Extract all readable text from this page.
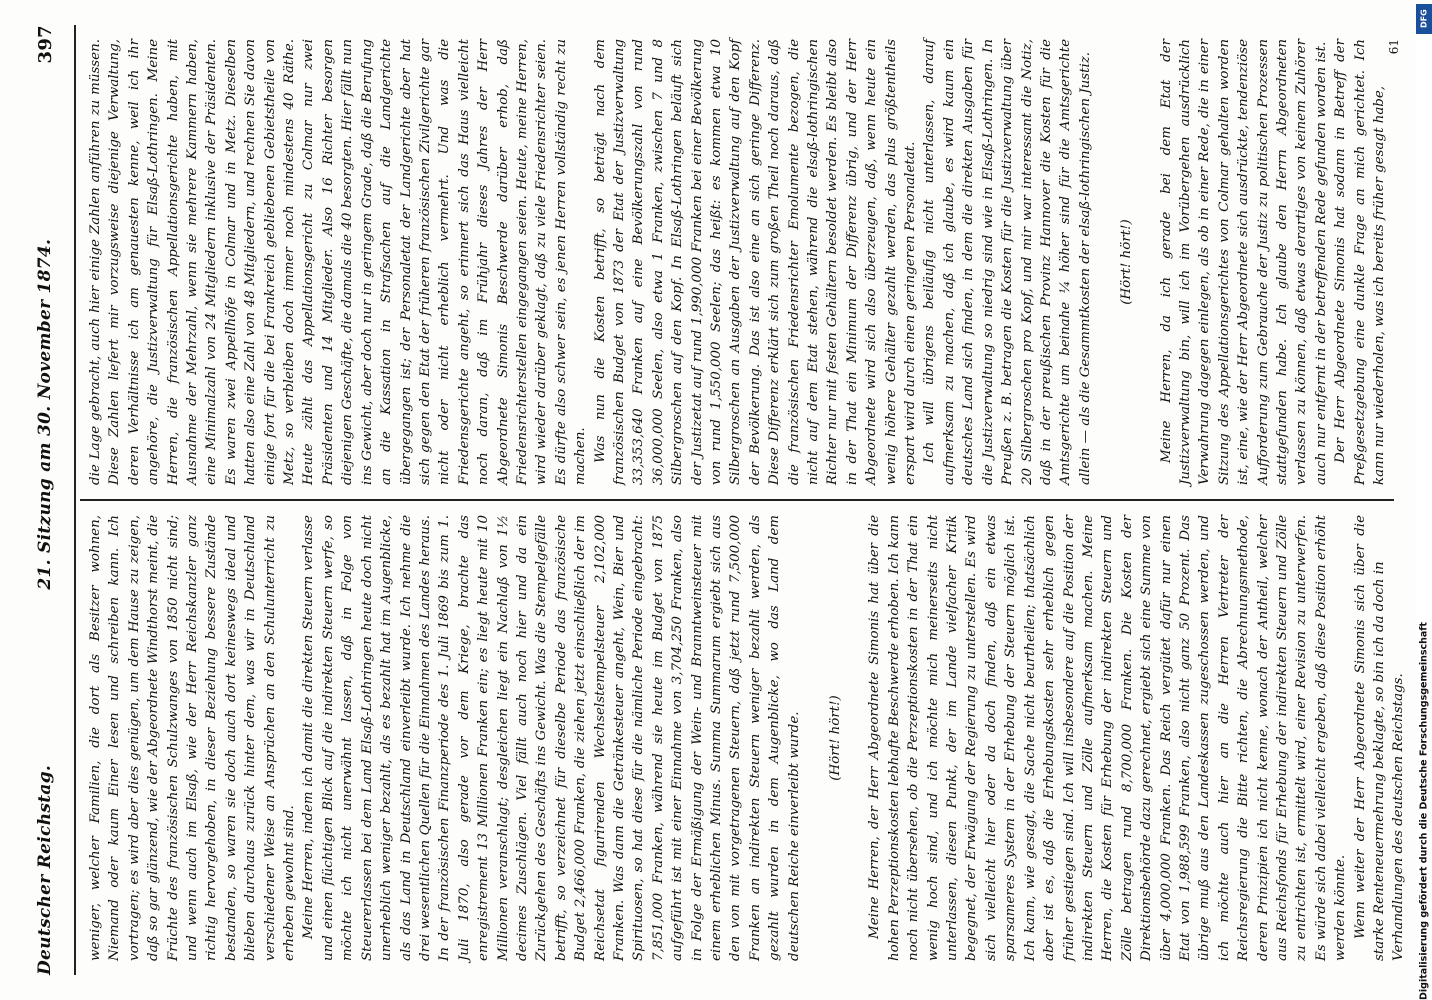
Deutscher Reichstag.
21. Sitzung am 30. November 1874.
397

weniger, welcher Familien, die dort als Besitzer wohnen, Niemand oder kaum Einer lesen und schreiben kann. Ich vortragen; es wird aber dies genügen, um dem Hause zu zeigen, daß so gar glänzend, wie der Abgeordnete Windthorst meint, die Früchte des französischen Schulzwanges von 1850 nicht sind; und wenn auch im Elsaß, wie der Herr Reichskanzler ganz richtig hervorgehoben, in dieser Beziehung bessere Zustände bestanden, so waren sie doch auch dort keineswegs ideal und blieben durchaus zurück hinter dem, was wir in Deutschland verschiedener Weise an Ansprüchen an den Schulunterricht zu erheben gewohnt sind. Meine Herren, indem ich damit die direkten Steuern verlasse und einen flüchtigen Blick auf die indirekten Steuern werfe, so möchte ich nicht unerwähnt lassen, daß in Folge von Steuererlassen bei dem Land Elsaß-Lothringen heute doch nicht unerheblich weniger bezahlt, als es bezahlt hat im Augenblicke, als das Land in Deutschland einverleibt wurde. Ich nehme die drei wesentlichen Quellen für die Einnahmen des Landes heraus. In der französischen Finanzperiode des 1. Juli 1869 bis zum 1. Juli 1870, also gerade vor dem Kriege, brachte das enregistrement 13 Millionen Franken ein; es liegt heute mit 10 Millionen veranschlagt; desgleichen liegt ein Nachlaß von 1½ decimes Zuschlägen. Viel fällt auch noch hier und da ein Zurückgehen des Geschäfts ins Gewicht. Was die Stempelgefälle betrifft, so verzeichnet für dieselbe Periode das französische Budget 2,466,000 Franken, die ziehen jetzt einschließlich der im Reichsetat figurirenden Wechselstempelsteuer 2,102,000 Franken. Was dann die Getränkesteuer angeht, Wein, Bier und Spirituosen, so hat diese für die nämliche Periode eingebracht: 7,851,000 Franken, während sie heute im Budget von 1875 aufgeführt ist mit einer Einnahme von 3,704,250 Franken, also in Folge der Ermäßigung der Wein- und Branntweinsteuer mit einem erheblichen Minus. Summa Summarum ergiebt sich aus den von mit vorgetragenen Steuern, daß jetzt rund 7,500,000 Franken an indirekten Steuern weniger bezahlt werden, als gezahlt wurden in dem Augenblicke, wo das Land dem deutschen Reiche einverleibt wurde. (Hört! hört!) Meine Herren, der Herr Abgeordnete Simonis hat über die hohen Perzeptionskosten lebhafte Beschwerde erhoben. Ich kann noch nicht übersehen, ob die Perzeptionskosten in der That ein wenig hoch sind, und ich möchte mich meinerseits nicht unterlassen, diesen Punkt, der im Lande vielfacher Kritik begegnet, der Erwägung der Regierung zu unterstellen. Es wird sich vielleicht hier oder da doch finden, daß ein etwas sparsameres System in der Erhebung der Steuern möglich ist. Ich kann, wie gesagt, die Sache nicht beurtheilen; thatsächlich aber ist es, daß die Erhebungskosten sehr erheblich gegen früher gestiegen sind. Ich will insbesondere auf die Position der indirekten Steuern und Zölle aufmerksam machen. Meine Herren, die Kosten für Erhebung der indirekten Steuern und Zölle betragen rund 8,700,000 Franken. Die Kosten der Direktionsbehörde dazu gerechnet, ergiebt sich eine Summe von über 4,000,000 Franken. Das Reich vergütet dafür nur einen Etat von 1,988,599 Franken, also nicht ganz 50 Prozent. Das übrige muß aus den Landeskassen zugeschossen werden, und ich möchte auch hier an die Herren Vertreter der Reichsregierung die Bitte richten, die Abrechnungsmethode, deren Prinzipien ich nicht kenne, wonach der Antheil, welcher aus Reichsfonds für Erhebung der indirekten Steuern und Zölle zu entrichten ist, ermittelt wird, einer Revision zu unterwerfen. Es würde sich dabei vielleicht ergeben, daß diese Position erhöht werden könnte. Wenn weiter der Herr Abgeordnete Simonis sich über die starke Renteneuermehrung beklagte, so bin ich da doch in Verhandlungen des deutschen Reichstags.

die Lage gebracht, auch hier einige Zahlen anführen zu müssen. Diese Zahlen liefert mir vorzugsweise diejenige Verwaltung, deren Verhältnisse ich am genauesten kenne, weil ich ihr angehöre, die Justizverwaltung für Elsaß-Lothringen. Meine Herren, die französischen Appellationsgerichte haben, mit Ausnahme der Mehrzahl, wenn sie mehrere Kammern haben, eine Minimalzahl von 24 Mitgliedern inklusive der Präsidenten. Es waren zwei Appellhöfe in Colmar und in Metz. Dieselben hatten also eine Zahl von 48 Mitgliedern, und rechnen Sie davon einige fort für die bei Frankreich gebliebenen Gebietstheile von Metz, so verbleiben doch immer noch mindestens 40 Räthe. Heute zählt das Appellationsgericht zu Colmar nur zwei Präsidenten und 14 Mitglieder. Also 16 Richter besorgen diejenigen Geschäfte, die damals die 40 besorgten. Hier fällt nun ins Gewicht, aber doch nur in geringem Grade, daß die Berufung an die Kassation in Strafsachen auf die Landgerichte übergegangen ist; der Personaletat der Landgerichte aber hat sich gegen den Etat der früheren französischen Zivilgerichte gar nicht oder nicht erheblich vermehrt. Und was die Friedensgerichte angeht, so erinnert sich das Haus vielleicht noch daran, daß im Frühjahr dieses Jahres der Herr Abgeordnete Simonis Beschwerde darüber erhob, daß Friedensrichterstellen eingegangen seien. Heute, meine Herren, wird wieder darüber geklagt, daß zu viele Friedensrichter seien. Es dürfte also schwer sein, es jenen Herren vollständig recht zu machen. Was nun die Kosten betrifft, so beträgt nach dem französischen Budget von 1873 der Etat der Justizverwaltung 33,353,640 Franken auf eine Bevölkerungszahl von rund 36,000,000 Seelen, also etwa 1 Franken, zwischen 7 und 8 Silbergroschen auf den Kopf. In Elsaß-Lothringen beläuft sich der Justizetat auf rund 1,990,000 Franken bei einer Bevölkerung von rund 1,550,000 Seelen; das heißt: es kommen etwa 10 Silbergroschen an Ausgaben der Justizverwaltung auf den Kopf der Bevölkerung. Das ist also eine an sich geringe Differenz. Diese Differenz erklärt sich zum großen Theil noch daraus, daß die französischen Friedensrichter Emolumente bezogen, die nicht auf dem Etat stehen, während die elsaß-lothringischen Richter nur mit festen Gehältern besoldet werden. Es bleibt also in der That ein Minimum der Differenz übrig, und der Herr Abgeordnete wird sich also überzeugen, daß, wenn heute ein wenig höhere Gehälter gezahlt werden, das plus größtentheils erspart wird durch einen geringeren Personaletat. Ich will übrigens beiläufig nicht unterlassen, darauf aufmerksam zu machen, daß ich glaube, es wird kaum ein deutsches Land sich finden, in dem die direkten Ausgaben für die Justizverwaltung so niedrig sind wie in Elsaß-Lothringen. In Preußen z. B. betragen die Kosten für die Justizverwaltung über 20 Silbergroschen pro Kopf, und mir war interessant die Notiz, daß in der preußischen Provinz Hannover die Kosten für die Amtsgerichte um beinahe ¼ höher sind für die Amtsgerichte allein — als die Gesammtkosten der elsaß-lothringischen Justiz. (Hört! hört!) Meine Herren, da ich gerade bei dem Etat der Justizverwaltung bin, will ich im Vorübergehen ausdrücklich Verwahrung dagegen einlegen, als ob in einer Rede, die in einer Sitzung des Appellationsgerichtes von Colmar gehalten worden ist, eine, wie der Herr Abgeordnete sich ausdrückte, tendenziöse Aufforderung zum Gebrauche der Justiz zu politischen Prozessen stattgefunden habe. Ich glaube den Herrn Abgeordneten verlassen zu können, daß etwas derartiges von keinem Zuhörer auch nur entfernt in der betreffenden Rede gefunden worden ist. Der Herr Abgeordnete Simonis hat sodann in Betreff der Preßgesetzgebung eine dunkle Frage an mich gerichtet. Ich kann nur wiederholen, was ich bereits früher gesagt habe,

61
DFG
Digitalisierung gefördert durch die Deutsche Forschungsgemeinschaft
